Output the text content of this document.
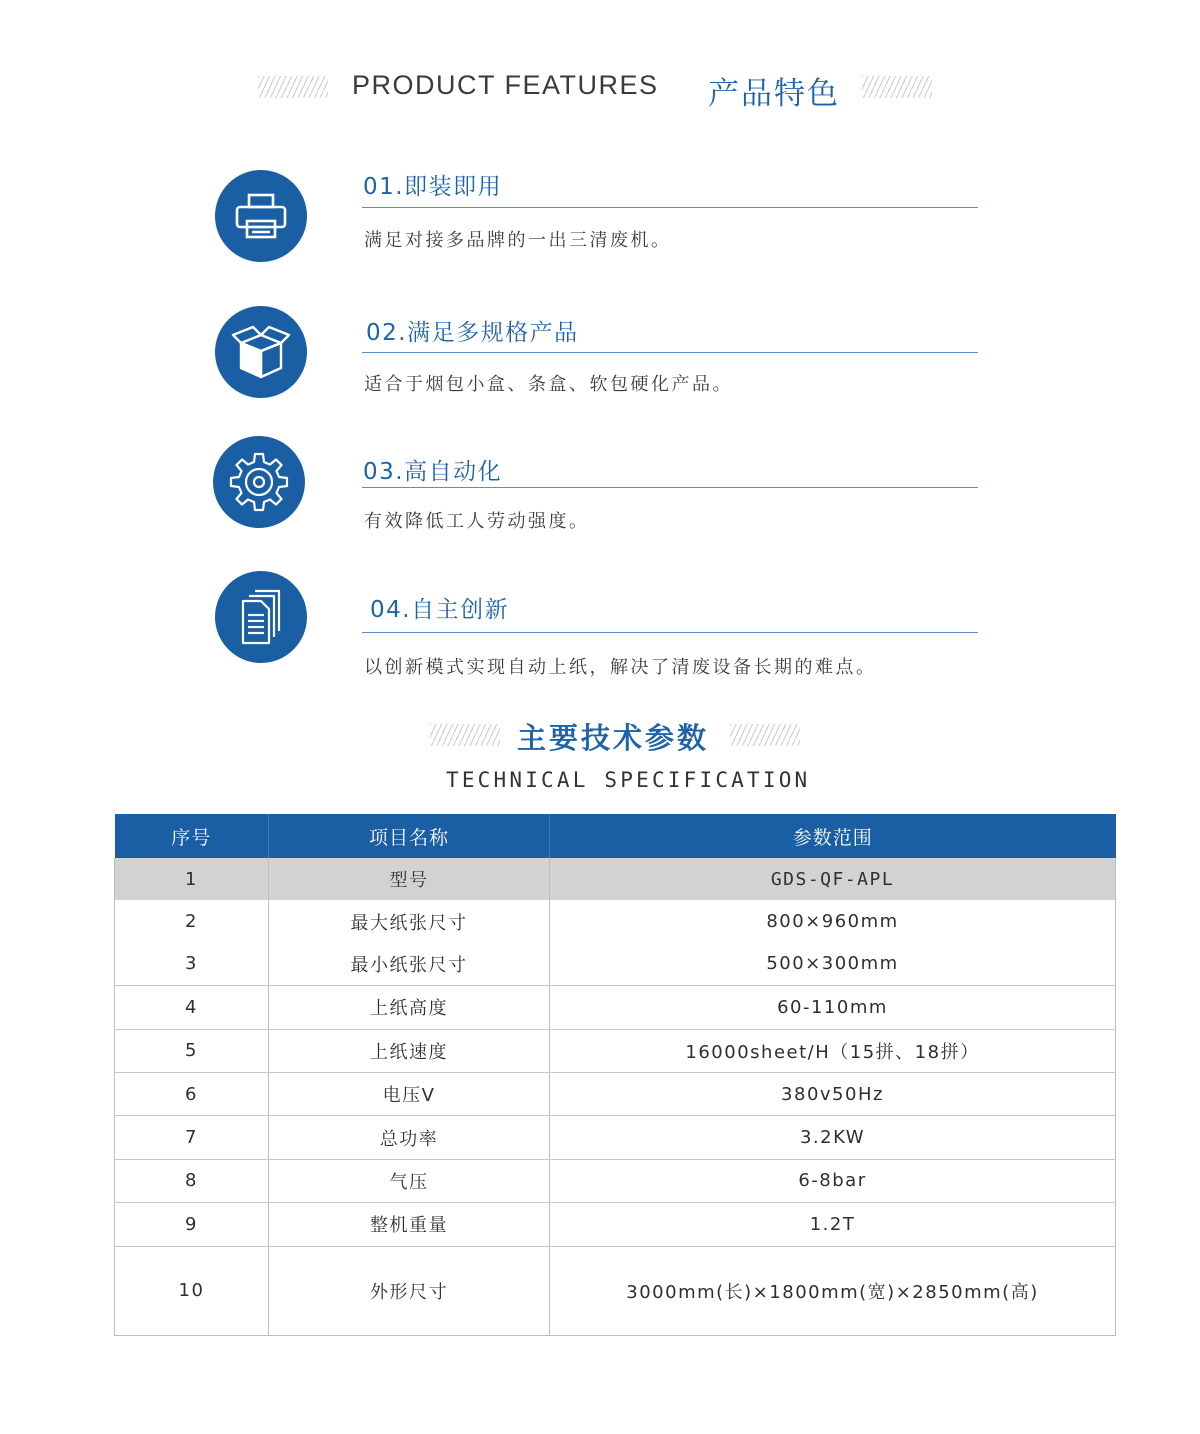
PRODUCT FEATURES 产品特色
01.即装即用
满足对接多品牌的一出三清废机。
02.满足多规格产品
适合于烟包小盒、条盒、软包硬化产品。
03.高自动化
有效降低工人劳动强度。
04.自主创新
以创新模式实现自动上纸，解决了清废设备长期的难点。
主要技术参数
TECHNICAL SPECIFICATION
序号	项目名称	参数范围
1	型号	GDS-QF-APL
2	最大纸张尺寸	800×960mm
3	最小纸张尺寸	500×300mm
4	上纸高度	60-110mm
5	上纸速度	16000sheet/H（15拼、18拼）
6	电压V	380v50Hz
7	总功率	3.2KW
8	气压	6-8bar
9	整机重量	1.2T
10	外形尺寸	3000mm(长)×1800mm(宽)×2850mm(高)
